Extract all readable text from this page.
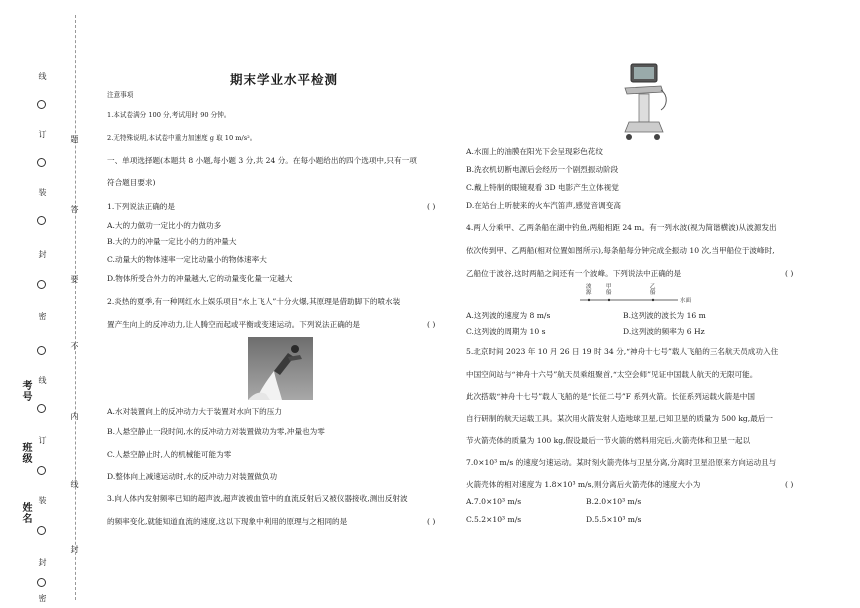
线
订
装
封
密
线
订
装
封
密
题
答
要
不
内
线
封
考号
班级
姓名
期末学业水平检测
注意事项
1.本试卷满分 100 分,考试用时 90 分钟。
2.无特殊说明,本试卷中重力加速度 g 取 10 m/s²。
一、单项选择题(本题共 8 小题,每小题 3 分,共 24 分。在每小题给出的四个选项中,只有一项
符合题目要求)
1.下列说法正确的是	( )
A.大的力做功一定比小的力做功多
B.大的力的冲量一定比小的力的冲量大
C.动量大的物体速率一定比动量小的物体速率大
D.物体所受合外力的冲量越大,它的动量变化量一定越大
2.炎热的夏季,有一种网红水上娱乐项目“水上飞人”十分火爆,其原理是借助脚下的喷水装
置产生向上的反冲动力,让人腾空而起或平衡或变速运动。下列说法正确的是	( )
A.水对装置向上的反冲动力大于装置对水向下的压力
B.人悬空静止一段时间,水的反冲动力对装置做功为零,冲量也为零
C.人悬空静止时,人的机械能可能为零
D.整体向上减速运动时,水的反冲动力对装置做负功
3.向人体内发射频率已知的超声波,超声波被血管中的血流反射后又被仪器接收,测出反射波
的频率变化,就能知道血流的速度,这以下现象中利用的原理与之相同的是	( )
A.水面上的油膜在阳光下会呈现彩色花纹
B.洗衣机切断电源后会经历一个剧烈振动阶段
C.戴上特制的眼镜观看 3D 电影产生立体视觉
D.在站台上听驶来的火车汽笛声,感觉音调变高
4.两人分乘甲、乙两条船在湖中钓鱼,两船相距 24 m。有一列水波(视为简谐横波)从波源发出
依次传到甲、乙两船(相对位置如图所示),每条船每分钟完成全振动 10 次,当甲船位于波峰时,
乙船位于波谷,这时两船之间还有一个波峰。下列说法中正确的是	( )
波源
甲船
乙船
水面
A.这列波的速度为 8 m/s	B.这列波的波长为 16 m
C.这列波的周期为 10 s	D.这列波的频率为 6 Hz
5.北京时间 2023 年 10 月 26 日 19 时 34 分,“神舟十七号”载人飞船的三名航天员成功入住
中国空间站与“神舟十六号”航天员乘组聚首,“太空会师”见证中国载人航天的无限可能。
此次搭载“神舟十七号”载人飞船的是“长征二号”F 系列火箭。长征系列运载火箭是中国
自行研制的航天运载工具。某次用火箭发射人造地球卫星,已知卫星的质量为 500 kg,最后一
节火箭壳体的质量为 100 kg,假设最后一节火箭的燃料用完后,火箭壳体和卫星一起以
7.0×10³ m/s 的速度匀速运动。某时刻火箭壳体与卫星分离,分离时卫星沿原来方向运动且与
火箭壳体的相对速度为 1.8×10³ m/s,则分离后火箭壳体的速度大小为	( )
A.7.0×10³ m/s	B.2.0×10³ m/s
C.5.2×10³ m/s	D.5.5×10³ m/s
